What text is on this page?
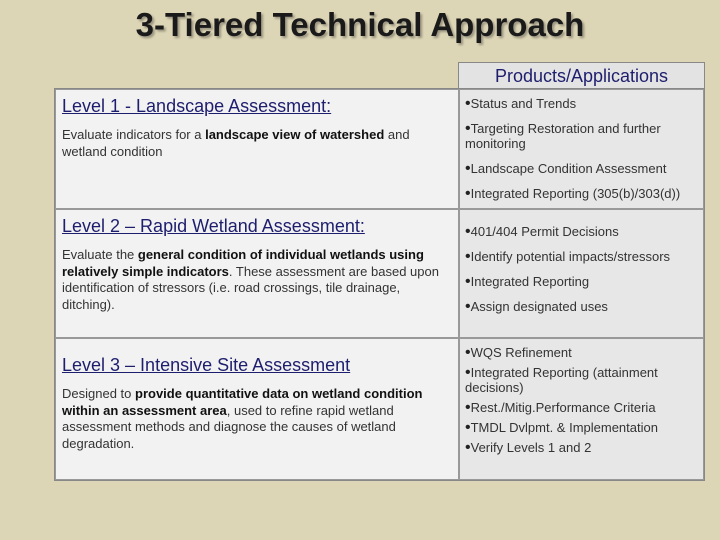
3-Tiered Technical Approach
Products/Applications

Level 1 - Landscape Assessment:

Evaluate indicators for a landscape view of watershed and wetland condition

•Status and Trends

•Targeting Restoration and further monitoring

•Landscape Condition Assessment

•Integrated Reporting (305(b)/303(d))

Level 2 – Rapid Wetland Assessment:

Evaluate the general condition of individual wetlands using relatively simple indicators. These assessment are based upon identification of stressors (i.e. road crossings, tile drainage, ditching).

•401/404 Permit Decisions

•Identify potential impacts/stressors

•Integrated Reporting

•Assign designated uses

Level 3 – Intensive Site Assessment

Designed to provide quantitative data on wetland condition within an assessment area, used to refine rapid wetland assessment methods and diagnose the causes of wetland degradation.

•WQS Refinement

•Integrated Reporting (attainment decisions)

•Rest./Mitig.Performance Criteria

•TMDL Dvlpmt. & Implementation

•Verify Levels 1 and 2
